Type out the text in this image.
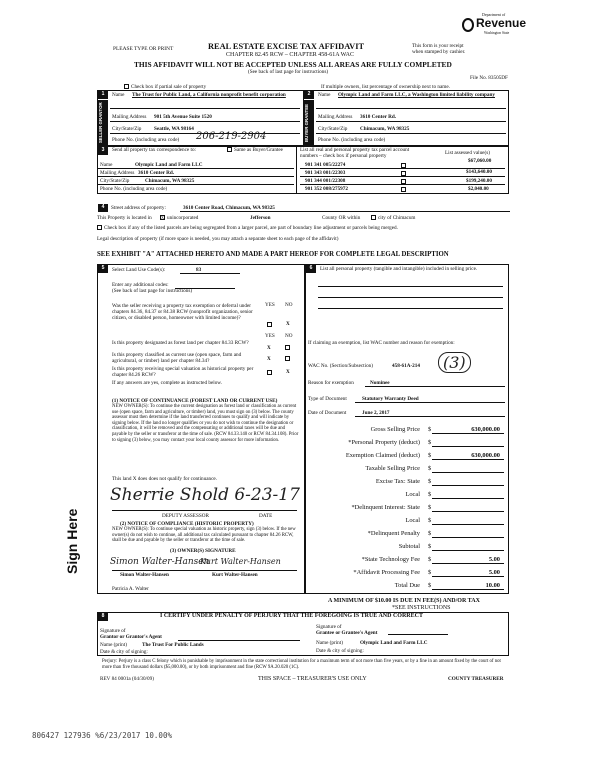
Department of
Revenue
Washington State
PLEASE TYPE OR PRINT	REAL ESTATE EXCISE TAX AFFIDAVIT
CHAPTER 82.45 RCW – CHAPTER 458-61A WAC
This form is your receipt
when stamped by cashier.
THIS AFFIDAVIT WILL NOT BE ACCEPTED UNLESS ALL AREAS ARE FULLY COMPLETED
(See back of last page for instructions)
File No. 83505DF
Check box if partial sale of property	If multiple owners, list percentage of ownership next to name.
1
SELLER GRANTOR
Name The Trust for Public Land, a California nonprofit benefit corporation
Mailing Address 901 5th Avenue Suite 1520
City/State/Zip Seattle, WA 98164
Phone No. (including area code) 206-219-2904
2
BUYER GRANTEE
Name Olympic Land and Farm LLC, a Washington limited liability company
Mailing Address 3610 Center Rd.
City/State/Zip Chimacum, WA 98325
Phone No. (including area code)
3	Send all property tax correspondence to:	Same as Buyer/Grantee
Name	Olympic Land and Farm LLC
Mailing Address 3610 Center Rd.
City/State/Zip	Chimacum, WA 98325
Phone No. (including area code)
List all real and personal property tax parcel account
numbers – check box if personal property	List assessed value(s)
901 341 005/22274
$67,060.00
901 343 001/22303	$143,640.00
901 344 001/22308	$199,240.00
901 352 008/275972	$2,040.00
4	Street address of property:	3610 Center Road, Chimacum, WA 98325
This Property is located in X unincorporated	Jefferson	County OR within	city of Chimacum
Check box if any of the listed parcels are being segregated from a larger parcel, are part of boundary line adjustment or parcels being merged.
Legal description of property (if more space is needed, you may attach a separate sheet to each page of the affidavit)
SEE EXHIBIT "A" ATTACHED HERETO AND MADE A PART HEREOF FOR COMPLETE LEGAL DESCRIPTION
5	Select Land Use Code(s):	83
Enter any additional codes:
(See back of last page for instructions)
YES NO
Was the seller receiving a property tax exemption or deferral under chapters 84.36, 84.37 or 84.38 RCW (nonprofit organization, senior citizen, or disabled person, homeowner with limited income)?
X
YES NO
Is this property designated as forest land per chapter 84.33 RCW?
X
Is this property classified as current use (open space, farm and agricultural, or timber) land per chapter 84.34?	X
Is this property receiving special valuation as historical property per chapter 84.26 RCW?	X
If any answers are yes, complete as instructed below.
(1) NOTICE OF CONTINUANCE (FOREST LAND OR CURRENT USE)
NEW OWNER(S): To continue the current designation as forest land or classification as current use (open space, farm and agriculture, or timber) land, you must sign on (3) below. The county assessor must then determine if the land transferred continues to qualify and will indicate by signing below. If the land no longer qualifies or you do not wish to continue the designation or classification, it will be removed and the compensating or additional taxes will be due and payable by the seller or transferor at the time of sale. (RCW 84.33.140 or RCW 84.34.108). Prior to signing (3) below, you may contact your local county assessor for more information.
This land X does does not qualify for continuance.
Sherrie Shold 6-23-17
DEPUTY ASSESSOR	DATE
(2) NOTICE OF COMPLIANCE (HISTORIC PROPERTY)
NEW OWNER(S): To continue special valuation as historic property, sign (3) below. If the new owner(s) do not wish to continue, all additional tax calculated pursuant to chapter 84.26 RCW, shall be due and payable by the seller or transferor at the time of sale.
(3) OWNER(S) SIGNATURE
Simon Walter-Hansen
Kurt Walter-Hansen
Simon Walter-Hansen	Kurt Walter-Hansen
Patricia A. Walter
Sign Here
6	List all personal property (tangible and intangible) included in selling price.
If claiming an exemption, list WAC number and reason for exemption:
WAC No. (Section/Subsection)	458-61A-214	(3)
Reason for exemption	Nominee
Type of Document	Statutory Warranty Deed
Date of Document	June 2, 2017
Gross Selling Price $	630,000.00
*Personal Property (deduct) $
Exemption Claimed (deduct) $	630,000.00
Taxable Selling Price $
Excise Tax: State $
Local $
*Delinquent Interest: State $
Local $
*Delinquent Penalty $
Subtotal $
*State Technology Fee $	5.00
*Affidavit Processing Fee $	5.00
Total Due $	10.00
A MINIMUM OF $10.00 IS DUE IN FEE(S) AND/OR TAX
*SEE INSTRUCTIONS
8	I CERTIFY UNDER PENALTY OF PERJURY THAT THE FOREGOING IS TRUE AND CORRECT
Signature of
Grantor or Grantor's Agent
Name (print)	The Trust For Public Lands
Date & city of signing:
Signature of
Grantee or Grantee's Agent
Name (print)	Olympic Land and Farm LLC
Date & city of signing:
Perjury: Perjury is a class C felony which is punishable by imprisonment in the state correctional institution for a maximum term of not more than five years, or by a fine in an amount fixed by the court of not more than five thousand dollars ($5,000.00), or by both imprisonment and fine (RCW 9A.20.020 (1C).
REV 84 0001a (04/30/09)	THIS SPACE – TREASURER'S USE ONLY	COUNTY TREASURER
806427 127936 %6/23/2017 10.00%
